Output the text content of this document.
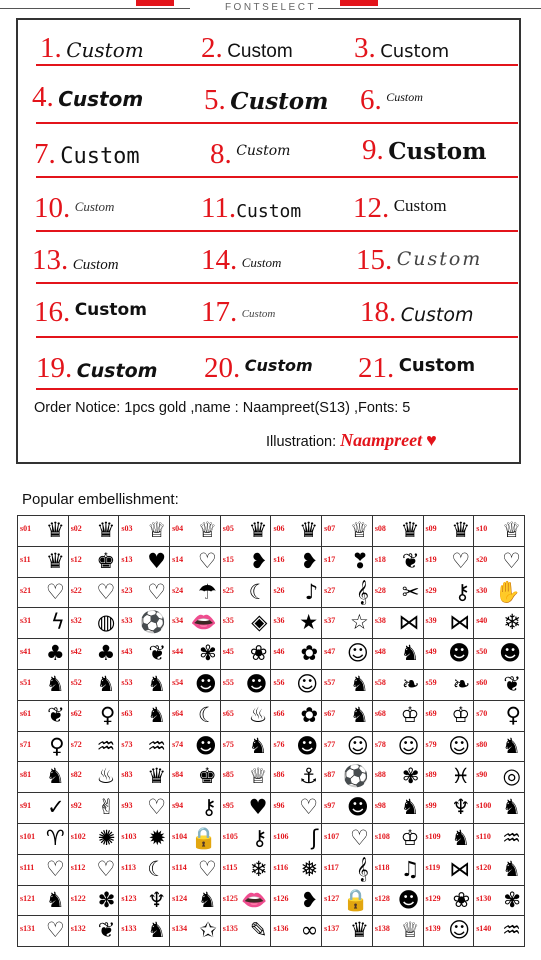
FONTSELECT
1. Custom 2. Custom 3. Custom
4. Custom 5. Custom 6. $^{Custom}$
7. Custom 8. Custom 9. Custom
10. $^{Custom}$	11.Custom 12. Custom
13. Custom	14. Custom	15. Custom
16. Custom 17. $^{Custom}$	18. Custom
19. Custom 20. Custom 21. Custom
Order Notice: 1pcs gold ,name : Naampreet(S13) ,Fonts: 5
Illustration: Naampreet ♥
Popular embellishment:
s01 ♛	s02 ♛	s03 ♕	s04 ♕	s05 ♛	s06 ♛	s07 ♕	s08 ♛	s09 ♛	s10 ♕

s11 ♛	s12 ♚	s13 ♥	s14 ♡	s15 ❥	s16 ❥	s17 ❣	s18 ❦	s19 ♡	s20 ♡

s21 ♡	s22 ♡	s23 ♡	s24 ☂	s25 ☾	s26 ♪	s27 𝄞	s28 ✂	s29 ⚷	s30 ✋

s31 ϟ	s32 ◍	s33 ⚽	s34 👄	s35 ◈	s36 ★	s37 ☆	s38 ⋈	s39 ⋈	s40 ❄

s41 ♣	s42 ♣	s43 ❦	s44 ✾	s45 ❀	s46 ✿	s47 ☺	s48 ♞	s49 ☻	s50 ☻

s51 ♞	s52 ♞	s53 ♞	s54 ☻	s55 ☻	s56 ☺	s57 ♞	s58 ❧	s59 ❧	s60 ❦

s61 ❦	s62 ♀	s63 ♞	s64 ☾	s65 ♨	s66 ✿	s67 ♞	s68 ♔	s69 ♔	s70 ♀

s71 ♀	s72 ♒	s73 ♒	s74 ☻	s75 ♞	s76 ☻	s77 ☺	s78 ☺	s79 ☺	s80 ♞

s81 ♞	s82 ♨	s83 ♛	s84 ♚	s85 ♕	s86 ⚓	s87 ⚽	s88 ✾	s89 ♓	s90 ◎

s91 ✓	s92 ✌	s93 ♡	s94 ⚷	s95 ♥	s96 ♡	s97 ☻	s98 ♞	s99 ♆	s100 ♞

s101 ♈	s102 ✺	s103 ✹	s104 🔒	s105 ⚷	s106 ʃ	s107 ♡	s108 ♔	s109 ♞	s110 ♒

s111 ♡	s112 ♡	s113 ☾	s114 ♡	s115 ❄	s116 ❅	s117 𝄞	s118 ♫	s119 ⋈	s120 ♞

s121 ♞	s122 ✽	s123 ♆	s124 ♞	s125 👄	s126 ❥	s127 🔒	s128 ☻	s129 ❀	s130 ✾

s131 ♡	s132 ❦	s133 ♞	s134 ✩	s135 ✎	s136 ∞	s137 ♛	s138 ♕	s139 ☺	s140 ♒
